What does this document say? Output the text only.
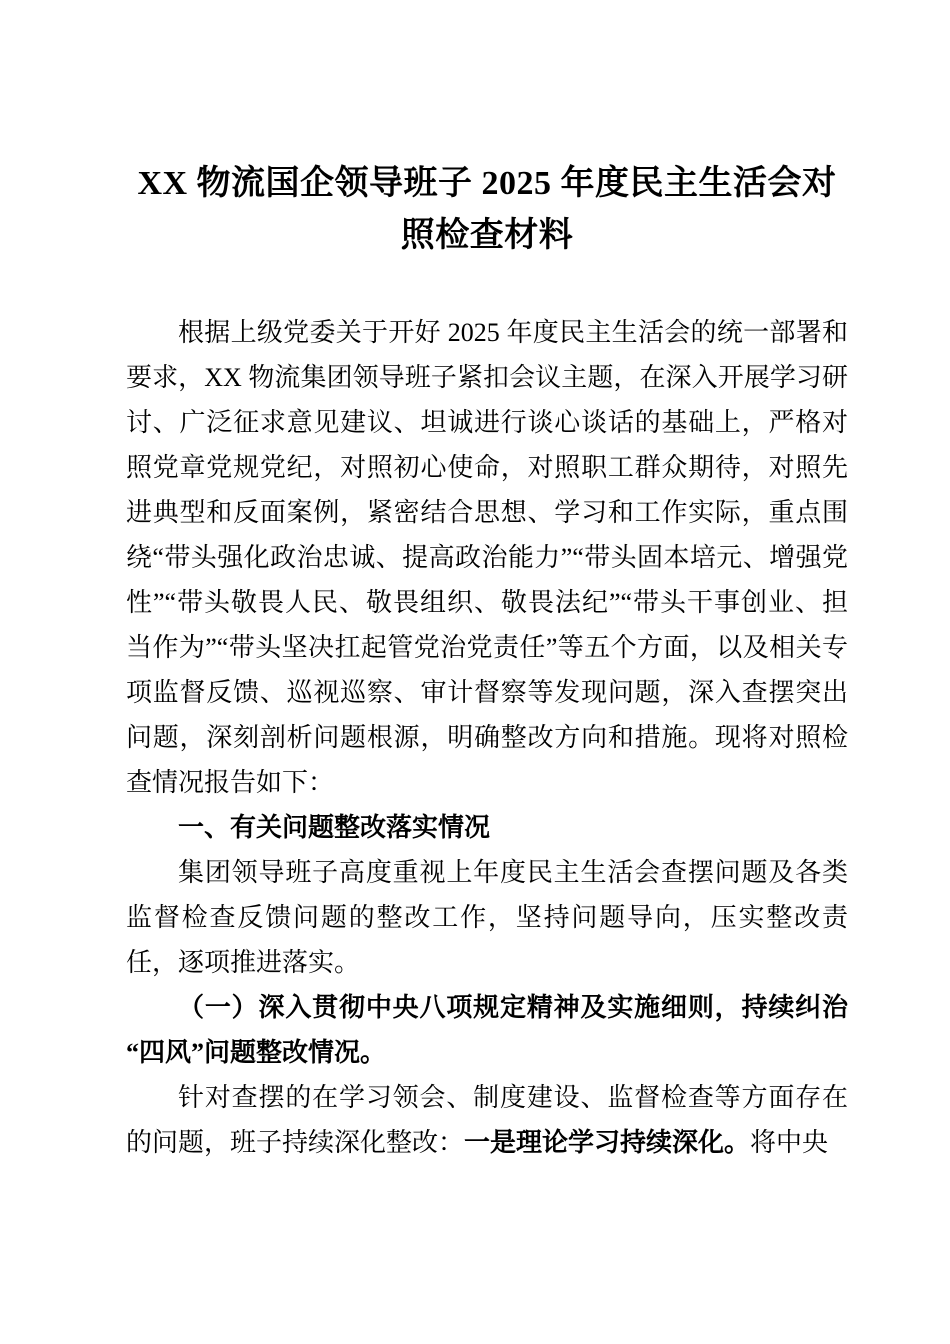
XX 物流国企领导班子 2025 年度民主生活会对照检查材料

根据上级党委关于开好 2025 年度民主生活会的统一部署和要求，XX 物流集团领导班子紧扣会议主题，在深入开展学习研讨、广泛征求意见建议、坦诚进行谈心谈话的基础上，严格对照党章党规党纪，对照初心使命，对照职工群众期待，对照先进典型和反面案例，紧密结合思想、学习和工作实际，重点围绕“带头强化政治忠诚、提高政治能力”“带头固本培元、增强党性”“带头敬畏人民、敬畏组织、敬畏法纪”“带头干事创业、担当作为”“带头坚决扛起管党治党责任”等五个方面，以及相关专项监督反馈、巡视巡察、审计督察等发现问题，深入查摆突出问题，深刻剖析问题根源，明确整改方向和措施。现将对照检查情况报告如下：

一、有关问题整改落实情况

集团领导班子高度重视上年度民主生活会查摆问题及各类监督检查反馈问题的整改工作，坚持问题导向，压实整改责任，逐项推进落实。

（一）深入贯彻中央八项规定精神及实施细则，持续纠治“四风”问题整改情况。

针对查摆的在学习领会、制度建设、监督检查等方面存在的问题，班子持续深化整改：一是理论学习持续深化。将中央
